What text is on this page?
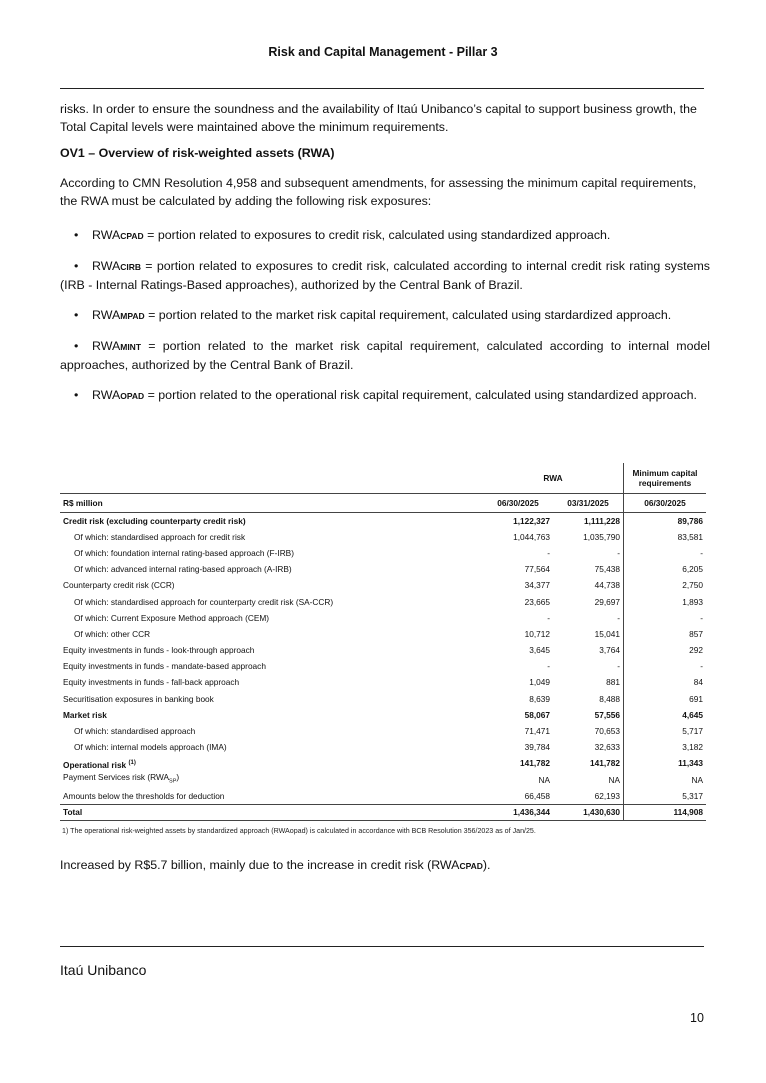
Risk and Capital Management - Pillar 3

risks. In order to ensure the soundness and the availability of Itaú Unibanco’s capital to support business growth, the Total Capital levels were maintained above the minimum requirements.

OV1 – Overview of risk-weighted assets (RWA)

According to CMN Resolution 4,958 and subsequent amendments, for assessing the minimum capital requirements, the RWA must be calculated by adding the following risk exposures:

• RWACPAD = portion related to exposures to credit risk, calculated using standardized approach.

• RWACIRB = portion related to exposures to credit risk, calculated according to internal credit risk rating systems (IRB - Internal Ratings-Based approaches), authorized by the Central Bank of Brazil.

• RWAMPAD = portion related to the market risk capital requirement, calculated using stardardized approach.

• RWAMINT = portion related to the market risk capital requirement, calculated according to internal model approaches, authorized by the Central Bank of Brazil.

• RWAOPAD = portion related to the operational risk capital requirement, calculated using standardized approach.

	RWA		Minimum capital
requirements
R$ million	06/30/2025	03/31/2025	06/30/2025
Credit risk (excluding counterparty credit risk)	1,122,327	1,111,228	89,786
Of which: standardised approach for credit risk	1,044,763	1,035,790	83,581
Of which: foundation internal rating-based approach (F-IRB)	-	-	-
Of which: advanced internal rating-based approach (A-IRB)	77,564	75,438	6,205
Counterparty credit risk (CCR)	34,377	44,738	2,750
Of which: standardised approach for counterparty credit risk (SA-CCR)	23,665	29,697	1,893
Of which: Current Exposure Method approach (CEM)	-	-	-
Of which: other CCR	10,712	15,041	857
Equity investments in funds - look-through approach	3,645	3,764	292
Equity investments in funds - mandate-based approach	-	-	-
Equity investments in funds - fall-back approach	1,049	881	84
Securitisation exposures in banking book	8,639	8,488	691
Market risk	58,067	57,556	4,645
Of which: standardised approach	71,471	70,653	5,717
Of which: internal models approach (IMA)	39,784	32,633	3,182
Operational risk $^{(1)}$	141,782	141,782	11,343
Payment Services risk $(RWA_{SP})$	NA	NA	NA
Amounts below the thresholds for deduction	66,458	62,193	5,317
Total	1,436,344	1,430,630	114,908
1) The operational risk-weighted assets by standardized approach (RWAopad) is calculated in accordance with BCB Resolution 356/2023 as of Jan/25.
Increased by R$5.7 billion, mainly due to the increase in credit risk (RWACPAD).
Itaú Unibanco
10
